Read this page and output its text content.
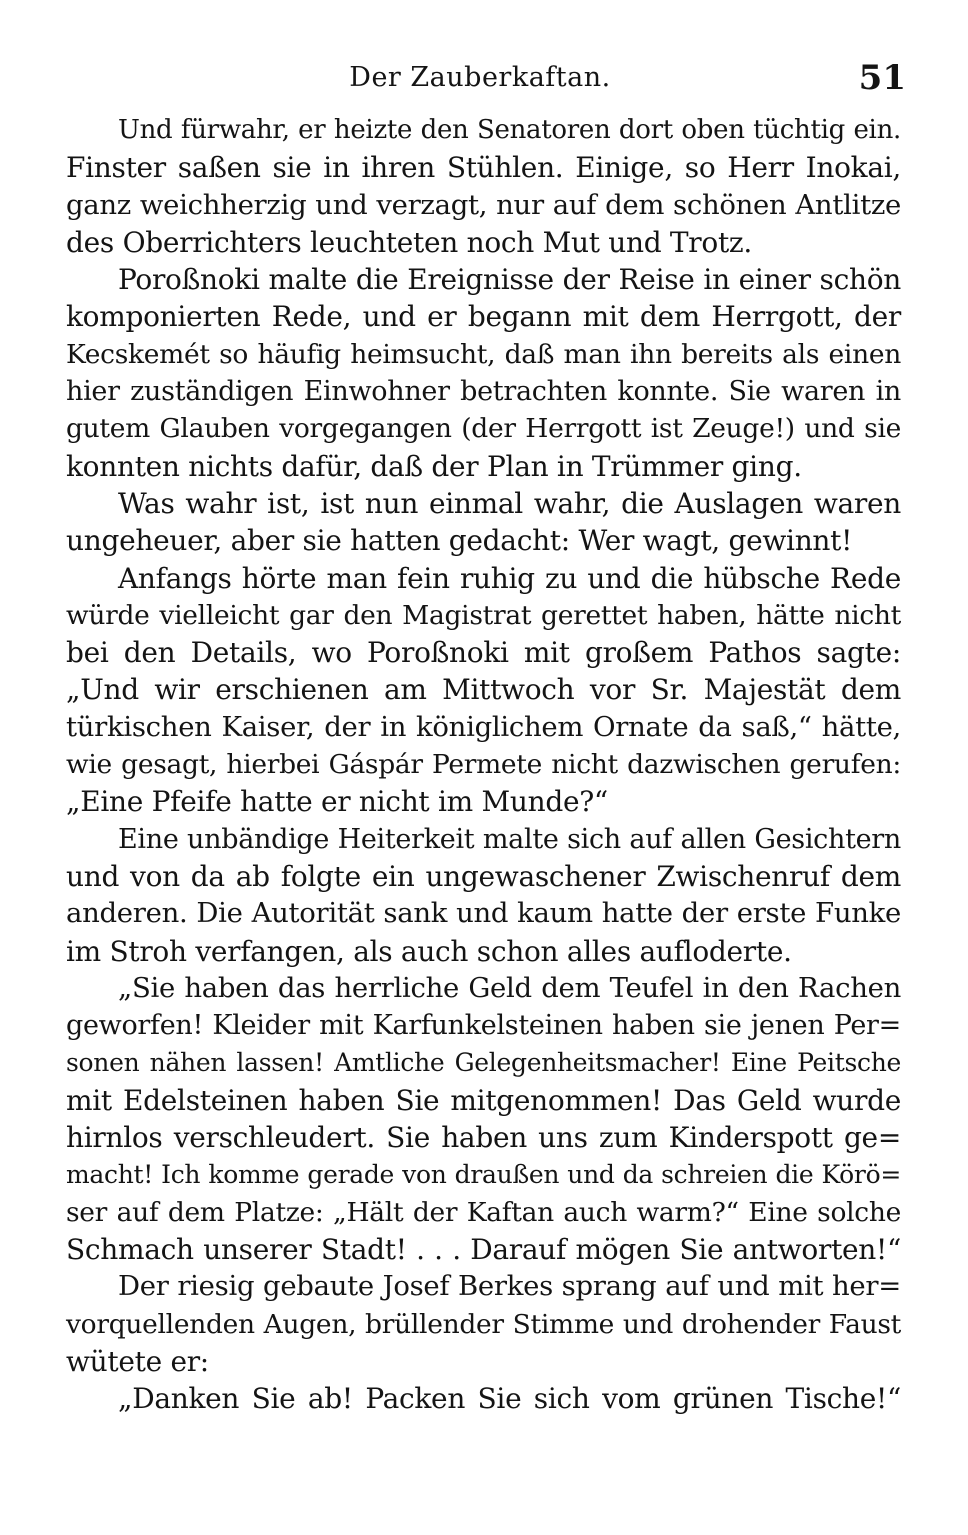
Der Zauberkaftan.	51
Und fürwahr, er heizte den Senatoren dort oben tüchtig ein.
Finster saßen sie in ihren Stühlen. Einige, so Herr Inokai,
ganz weichherzig und verzagt, nur auf dem schönen Antlitze
des Oberrichters leuchteten noch Mut und Trotz.
Poroßnoki malte die Ereignisse der Reise in einer schön
komponierten Rede, und er begann mit dem Herrgott, der
Kecskemét so häufig heimsucht, daß man ihn bereits als einen
hier zuständigen Einwohner betrachten konnte. Sie waren in
gutem Glauben vorgegangen (der Herrgott ist Zeuge!) und sie
konnten nichts dafür, daß der Plan in Trümmer ging.
Was wahr ist, ist nun einmal wahr, die Auslagen waren
ungeheuer, aber sie hatten gedacht: Wer wagt, gewinnt!
Anfangs hörte man fein ruhig zu und die hübsche Rede
würde vielleicht gar den Magistrat gerettet haben, hätte nicht
bei den Details, wo Poroßnoki mit großem Pathos sagte:
„Und wir erschienen am Mittwoch vor Sr. Majestät dem
türkischen Kaiser, der in königlichem Ornate da saß,“ hätte,
wie gesagt, hierbei Gáspár Permete nicht dazwischen gerufen:
„Eine Pfeife hatte er nicht im Munde?“
Eine unbändige Heiterkeit malte sich auf allen Gesichtern
und von da ab folgte ein ungewaschener Zwischenruf dem
anderen. Die Autorität sank und kaum hatte der erste Funke
im Stroh verfangen, als auch schon alles aufloderte.
„Sie haben das herrliche Geld dem Teufel in den Rachen
geworfen! Kleider mit Karfunkelsteinen haben sie jenen Per=
sonen nähen lassen! Amtliche Gelegenheitsmacher! Eine Peitsche
mit Edelsteinen haben Sie mitgenommen! Das Geld wurde
hirnlos verschleudert. Sie haben uns zum Kinderspott ge=
macht! Ich komme gerade von draußen und da schreien die Körö=
ser auf dem Platze: „Hält der Kaftan auch warm?“ Eine solche
Schmach unserer Stadt! . . . Darauf mögen Sie antworten!“
Der riesig gebaute Josef Berkes sprang auf und mit her=
vorquellenden Augen, brüllender Stimme und drohender Faust
wütete er:
„Danken Sie ab! Packen Sie sich vom grünen Tische!“
